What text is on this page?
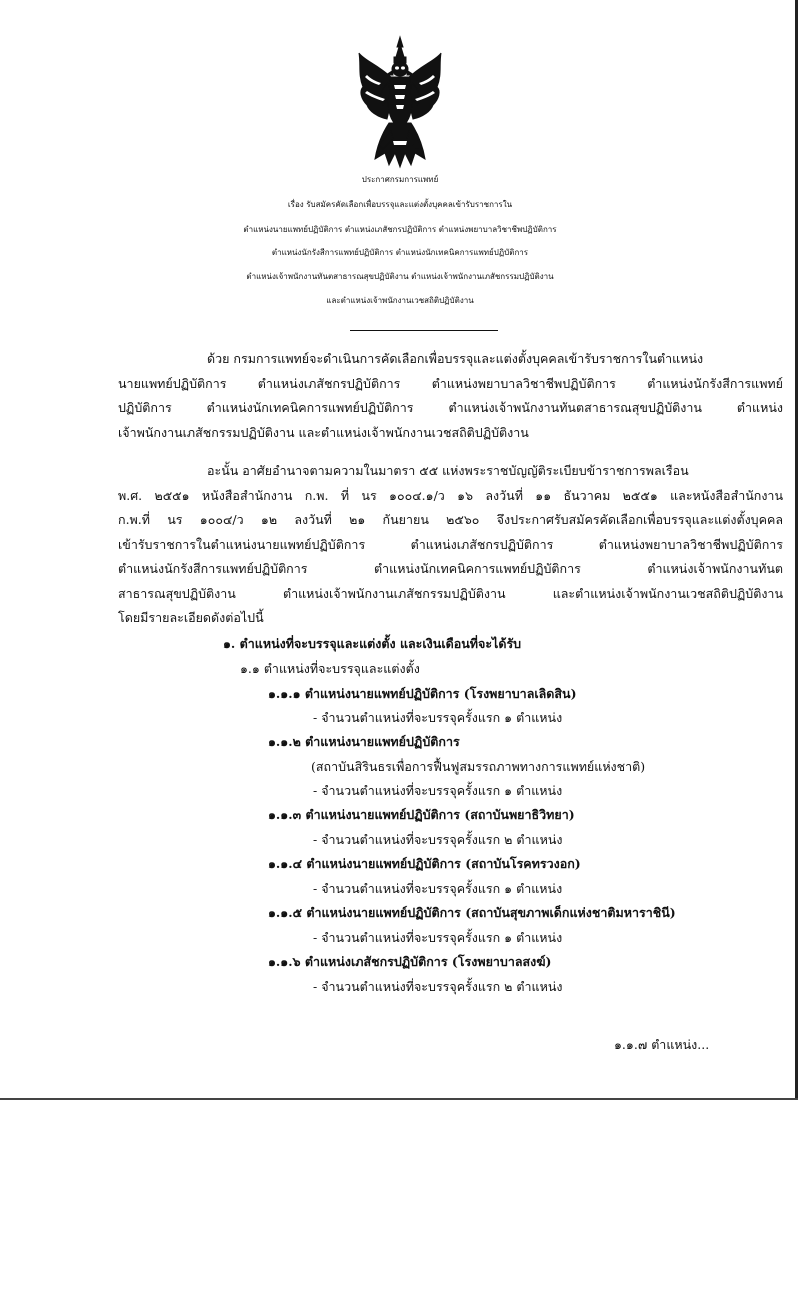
ประกาศกรมการแพทย์
เรื่อง รับสมัครคัดเลือกเพื่อบรรจุและแต่งตั้งบุคคลเข้ารับราชการใน
ตำแหน่งนายแพทย์ปฏิบัติการ ตำแหน่งเภสัชกรปฏิบัติการ ตำแหน่งพยาบาลวิชาชีพปฏิบัติการ
ตำแหน่งนักรังสีการแพทย์ปฏิบัติการ ตำแหน่งนักเทคนิคการแพทย์ปฏิบัติการ
ตำแหน่งเจ้าพนักงานทันตสาธารณสุขปฏิบัติงาน ตำแหน่งเจ้าพนักงานเภสัชกรรมปฏิบัติงาน
และตำแหน่งเจ้าพนักงานเวชสถิติปฏิบัติงาน
ด้วย กรมการแพทย์จะดำเนินการคัดเลือกเพื่อบรรจุและแต่งตั้งบุคคลเข้ารับราชการในตำแหน่ง
นายแพทย์ปฏิบัติการ ตำแหน่งเภสัชกรปฏิบัติการ ตำแหน่งพยาบาลวิชาชีพปฏิบัติการ ตำแหน่งนักรังสีการแพทย์
ปฏิบัติการ ตำแหน่งนักเทคนิคการแพทย์ปฏิบัติการ ตำแหน่งเจ้าพนักงานทันตสาธารณสุขปฏิบัติงาน ตำแหน่ง
เจ้าพนักงานเภสัชกรรมปฏิบัติงาน และตำแหน่งเจ้าพนักงานเวชสถิติปฏิบัติงาน
อะนั้น อาศัยอำนาจตามความในมาตรา ๕๕ แห่งพระราชบัญญัติระเบียบข้าราชการพลเรือน
พ.ศ. ๒๕๕๑ หนังสือสำนักงาน ก.พ. ที่ นร ๑๐๐๔.๑/ว ๑๖ ลงวันที่ ๑๑ ธันวาคม ๒๕๕๑ และหนังสือสำนักงาน
ก.พ.ที่ นร ๑๐๐๔/ว ๑๒ ลงวันที่ ๒๑ กันยายน ๒๕๖๐ จึงประกาศรับสมัครคัดเลือกเพื่อบรรจุและแต่งตั้งบุคคล
เข้ารับราชการในตำแหน่งนายแพทย์ปฏิบัติการ ตำแหน่งเภสัชกรปฏิบัติการ ตำแหน่งพยาบาลวิชาชีพปฏิบัติการ
ตำแหน่งนักรังสีการแพทย์ปฏิบัติการ ตำแหน่งนักเทคนิคการแพทย์ปฏิบัติการ ตำแหน่งเจ้าพนักงานทันต
สาธารณสุขปฏิบัติงาน ตำแหน่งเจ้าพนักงานเภสัชกรรมปฏิบัติงาน และตำแหน่งเจ้าพนักงานเวชสถิติปฏิบัติงาน
โดยมีรายละเอียดดังต่อไปนี้
๑. ตำแหน่งที่จะบรรจุและแต่งตั้ง และเงินเดือนที่จะได้รับ
๑.๑ ตำแหน่งที่จะบรรจุและแต่งตั้ง
๑.๑.๑ ตำแหน่งนายแพทย์ปฏิบัติการ (โรงพยาบาลเลิดสิน)
- จำนวนตำแหน่งที่จะบรรจุครั้งแรก ๑ ตำแหน่ง
๑.๑.๒ ตำแหน่งนายแพทย์ปฏิบัติการ
(สถาบันสิรินธรเพื่อการฟื้นฟูสมรรถภาพทางการแพทย์แห่งชาติ)
- จำนวนตำแหน่งที่จะบรรจุครั้งแรก ๑ ตำแหน่ง
๑.๑.๓ ตำแหน่งนายแพทย์ปฏิบัติการ (สถาบันพยาธิวิทยา)
- จำนวนตำแหน่งที่จะบรรจุครั้งแรก ๒ ตำแหน่ง
๑.๑.๔ ตำแหน่งนายแพทย์ปฏิบัติการ (สถาบันโรคทรวงอก)
- จำนวนตำแหน่งที่จะบรรจุครั้งแรก ๑ ตำแหน่ง
๑.๑.๕ ตำแหน่งนายแพทย์ปฏิบัติการ (สถาบันสุขภาพเด็กแห่งชาติมหาราชินี)
- จำนวนตำแหน่งที่จะบรรจุครั้งแรก ๑ ตำแหน่ง
๑.๑.๖ ตำแหน่งเภสัชกรปฏิบัติการ (โรงพยาบาลสงฆ์)
- จำนวนตำแหน่งที่จะบรรจุครั้งแรก ๒ ตำแหน่ง
๑.๑.๗ ตำแหน่ง...
